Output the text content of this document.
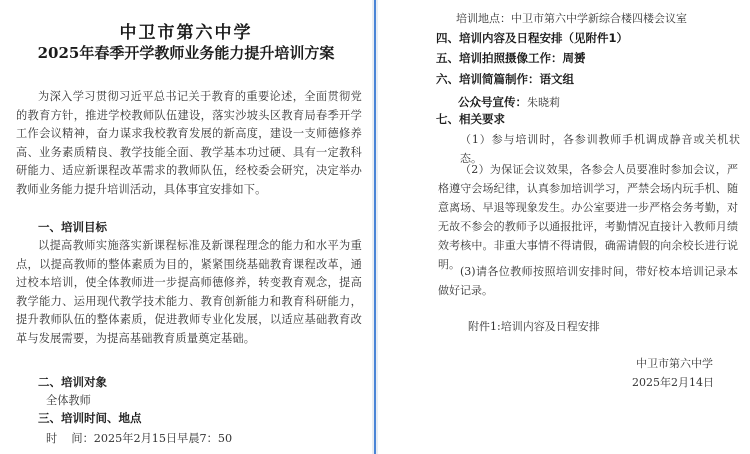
中卫市第六中学
2025年春季开学教师业务能力提升培训方案
为深入学习贯彻习近平总书记关于教育的重要论述，全面贯彻党的教育方针，推进学校教师队伍建设，落实沙坡头区教育局春季开学工作会议精神，奋力谋求我校教育发展的新高度，建设一支师德修养高、业务素质精良、教学技能全面、教学基本功过硬、具有一定教科研能力、适应新课程改革需求的教师队伍，经校委会研究，决定举办教师业务能力提升培训活动，具体事宜安排如下。
一、培训目标
以提高教师实施落实新课程标准及新课程理念的能力和水平为重点，以提高教师的整体素质为目的，紧紧围绕基础教育课程改革，通过校本培训，使全体教师进一步提高师德修养，转变教育观念，提高教学能力、运用现代教学技术能力、教育创新能力和教育科研能力，提升教师队伍的整体素质，促进教师专业化发展，以适应基础教育改革与发展需要，为提高基础教育质量奠定基础。
二、培训对象
全体教师
三、培训时间、地点
时    间：2025年2月15日早晨7：50
培训地点：中卫市第六中学新综合楼四楼会议室
四、培训内容及日程安排（见附件1）
五、培训拍照摄像工作：周赟
六、培训简篇制作：语文组
公众号宣传：朱晓莉
七、相关要求
（1）参与培训时，各参训教师手机调成静音或关机状态。
（2）为保证会议效果，各参会人员要准时参加会议，严格遵守会场纪律，认真参加培训学习，严禁会场内玩手机、随意离场、早退等现象发生。办公室要进一步严格会务考勤，对无故不参会的教师予以通报批评，考勤情况直接计入教师月绩效考核中。非重大事情不得请假，确需请假的向余校长进行说明。
(3)请各位教师按照培训安排时间，带好校本培训记录本做好记录。
附件1:培训内容及日程安排
中卫市第六中学
2025年2月14日
